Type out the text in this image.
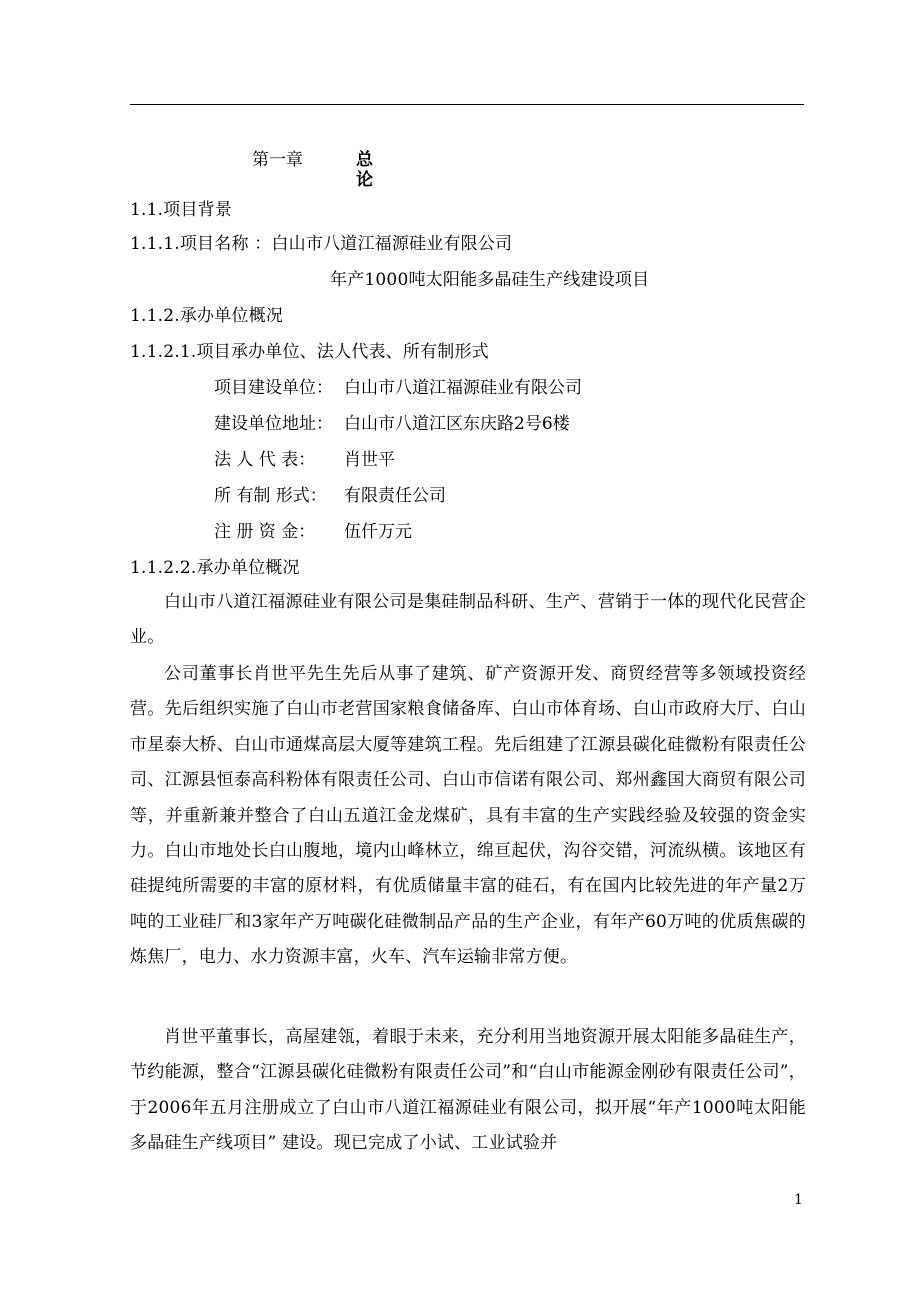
第一章	总 论
1.1.项目背景
1.1.1.项目名称 ：白山市八道江福源硅业有限公司
年产1000吨太阳能多晶硅生产线建设项目
1.1.2.承办单位概况
1.1.2.1.项目承办单位、法人代表、所有制形式
项目建设单位： 白山市八道江福源硅业有限公司
建设单位地址： 白山市八道江区东庆路2号6楼
法 人 代 表： 肖世平
所 有制 形式： 有限责任公司
注 册 资 金： 伍仟万元
1.1.2.2.承办单位概况
白山市八道江福源硅业有限公司是集硅制品科研、生产、营销于一体的现代化民营企业。
公司董事长肖世平先生先后从事了建筑、矿产资源开发、商贸经营等多领域投资经营。先后组织实施了白山市老营国家粮食储备库、白山市体育场、白山市政府大厅、白山市星泰大桥、白山市通煤高层大厦等建筑工程。先后组建了江源县碳化硅微粉有限责任公司、江源县恒泰高科粉体有限责任公司、白山市信诺有限公司、郑州鑫国大商贸有限公司等，并重新兼并整合了白山五道江金龙煤矿，具有丰富的生产实践经验及较强的资金实力。白山市地处长白山腹地，境内山峰林立，绵亘起伏，沟谷交错，河流纵横。该地区有硅提纯所需要的丰富的原材料，有优质储量丰富的硅石，有在国内比较先进的年产量2万吨的工业硅厂和3家年产万吨碳化硅微制品产品的生产企业，有年产60万吨的优质焦碳的炼焦厂，电力、水力资源丰富，火车、汽车运输非常方便。
肖世平董事长，高屋建瓴，着眼于未来，充分利用当地资源开展太阳能多晶硅生产，节约能源，整合“江源县碳化硅微粉有限责任公司”和“白山市能源金刚砂有限责任公司”，于2006年五月注册成立了白山市八道江福源硅业有限公司，拟开展“年产1000吨太阳能多晶硅生产线项目” 建设。现已完成了小试、工业试验并
1
